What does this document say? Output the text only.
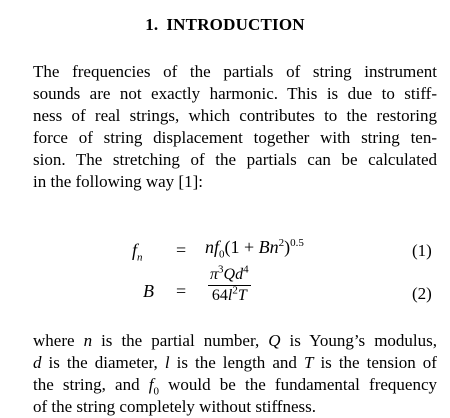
1. INTRODUCTION
The frequencies of the partials of string instrument
sounds are not exactly harmonic. This is due to stiff-
ness of real strings, which contributes to the restoring
force of string displacement together with string ten-
sion. The stretching of the partials can be calculated
in the following way [1]:
$f_n = nf_0(1 + Bn^2)^{0.5}$	(1)
$B = \frac{\pi^3Qd^4}{64l^2T}$	(2)
where n is the partial number, Q is Young’s modulus,
d is the diameter, l is the length and T is the tension of
the string, and $f_0$ would be the fundamental frequency
of the string completely without stiffness.
